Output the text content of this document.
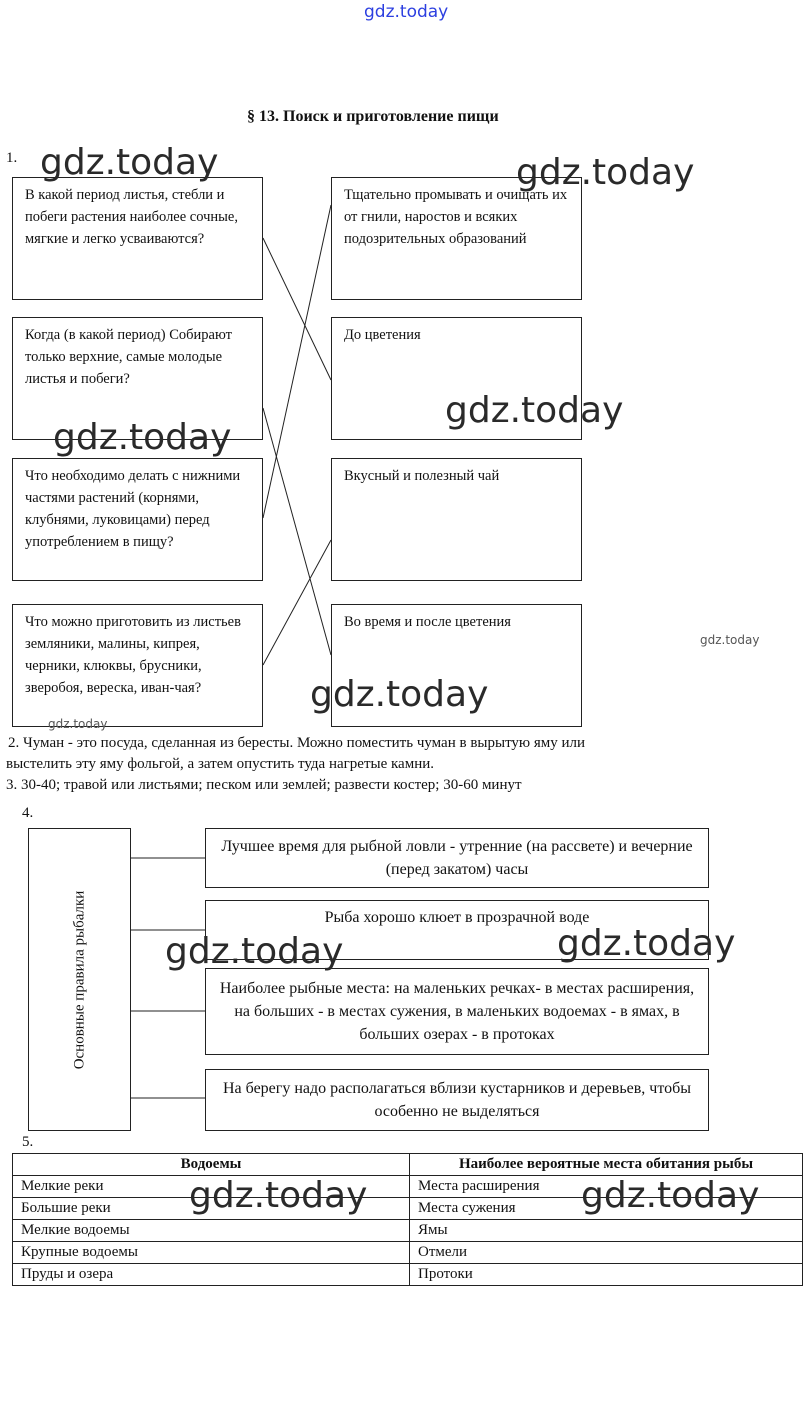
gdz.today
§ 13. Поиск и приготовление пищи
1.
В какой период листья, стебли и побеги растения наиболее сочные, мягкие и легко усваиваются?
Когда (в какой период) Собирают только верхние, самые молодые листья и побеги?
Что необходимо делать с нижними частями растений (корнями, клубнями, луковицами) перед употреблением в пищу?
Что можно приготовить из листьев земляники, малины, кипрея, черники, клюквы, брусники, зверобоя, вереска, иван-чая?
Тщательно промывать и очищать их от гнили, наростов и всяких подозрительных образований
До цветения
Вкусный и полезный чай
Во время и после цветения
2. Чуман - это посуда, сделанная из бересты. Можно поместить чуман в вырытую яму или
выстелить эту яму фольгой, а затем опустить туда нагретые камни.
3. 30-40; травой или листьями; песком или землей; развести костер; 30-60 минут
4.
Основные правила рыбалки
Лучшее время для рыбной ловли - утренние (на рассвете) и вечерние (перед закатом) часы
Рыба хорошо клюет в прозрачной воде
Наиболее рыбные места: на маленьких речках- в местах расширения, на больших - в местах сужения, в маленьких водоемах - в ямах, в больших озерах - в протоках
На берегу надо располагаться вблизи кустарников и деревьев, чтобы особенно не выделяться
5.
Водоемы	Наиболее вероятные места обитания рыбы
Мелкие реки	Места расширения
Большие реки	Места сужения
Мелкие водоемы	Ямы
Крупные водоемы	Отмели
Пруды и озера	Протоки
gdz.today	gdz.today
gdz.today
gdz.today
gdz.today
gdz.today
gdz.today
gdz.today	gdz.today
gdz.today	gdz.today
